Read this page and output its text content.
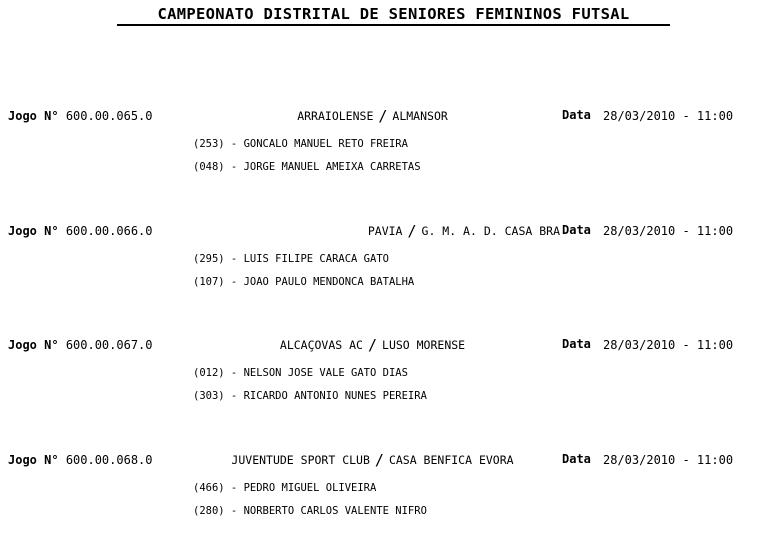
CAMPEONATO DISTRITAL DE SENIORES FEMININOS FUTSAL
Jogo N° 600.00.065.0	ARRAIOLENSE / ALMANSOR	Data 28/03/2010 - 11:00
(253) - GONCALO MANUEL RETO FREIRA
(048) - JORGE MANUEL AMEIXA CARRETAS
Jogo N° 600.00.066.0	PAVIA / G. M. A. D. CASA BRA Data 28/03/2010 - 11:00
(295) - LUIS FILIPE CARACA GATO
(107) - JOAO PAULO MENDONCA BATALHA
Jogo N° 600.00.067.0	ALCAÇOVAS AC / LUSO MORENSE	Data 28/03/2010 - 11:00
(012) - NELSON JOSE VALE GATO DIAS
(303) - RICARDO ANTONIO NUNES PEREIRA
Jogo N° 600.00.068.0	JUVENTUDE SPORT CLUB / CASA BENFICA EVORA	Data 28/03/2010 - 11:00
(466) - PEDRO MIGUEL OLIVEIRA
(280) - NORBERTO CARLOS VALENTE NIFRO
